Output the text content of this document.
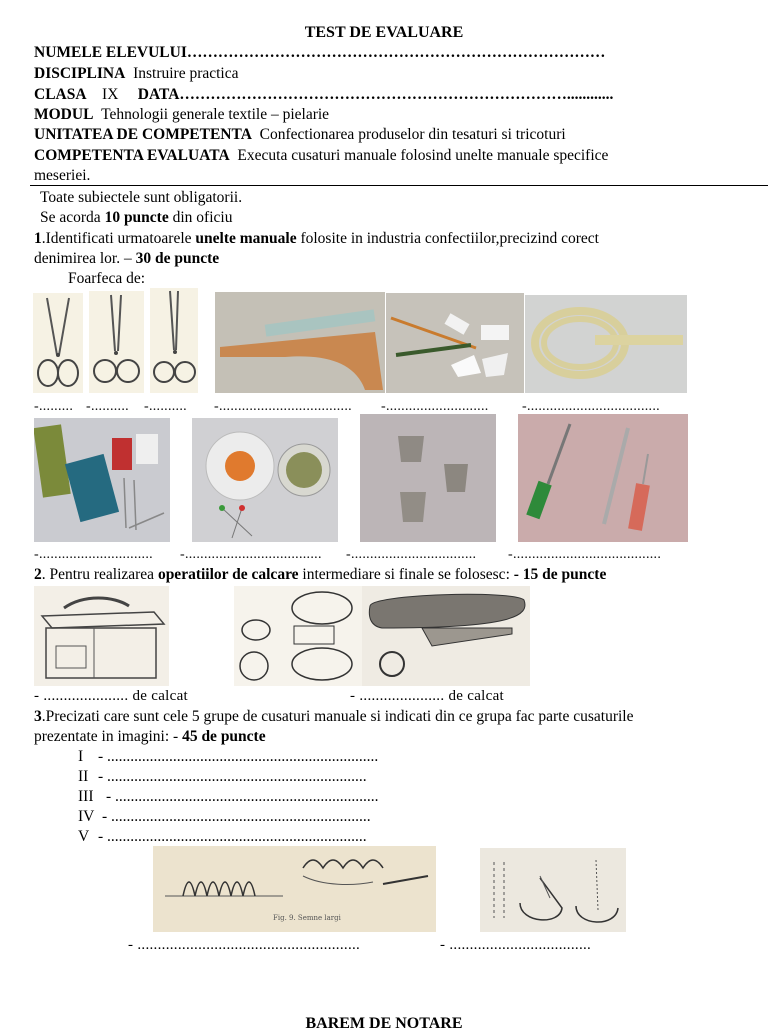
TEST DE EVALUARE
NUMELE ELEVULUI………………………………………………………………………
DISCIPLINA Instruire practica
CLASA IX DATA…………………………………………………………………............
MODUL Tehnologii generale textile – pielarie
UNITATEA DE COMPETENTA Confectionarea produselor din tesaturi si tricoturi
COMPETENTA EVALUATA Executa cusaturi manuale folosind unelte manuale specifice
meseriei.
Toate subiectele sunt obligatorii.
Se acorda 10 puncte din oficiu
1.Identificati urmatoarele unelte manuale folosite in industria confectiilor,precizind corect
denimirea lor. – 30 de puncte
Foarfeca de:
-......... -.......... -.......... -................................... -........................... -...................................
-.............................. -.................................... -................................. -.......................................
2. Pentru realizarea operatiilor de calcare intermediare si finale se folosesc: - 15 de puncte
- ..................... de calcat	- ..................... de calcat
3.Precizati care sunt cele 5 grupe de cusaturi manuale si indicati din ce grupa fac parte cusaturile
prezentate in imagini: - 45 de puncte
I - ......................................................................
II - ...................................................................
III - ....................................................................
IV - ...................................................................
V - ...................................................................
Fig. 9. Semne largi
- .......................................................	- ...................................
BAREM DE NOTARE
